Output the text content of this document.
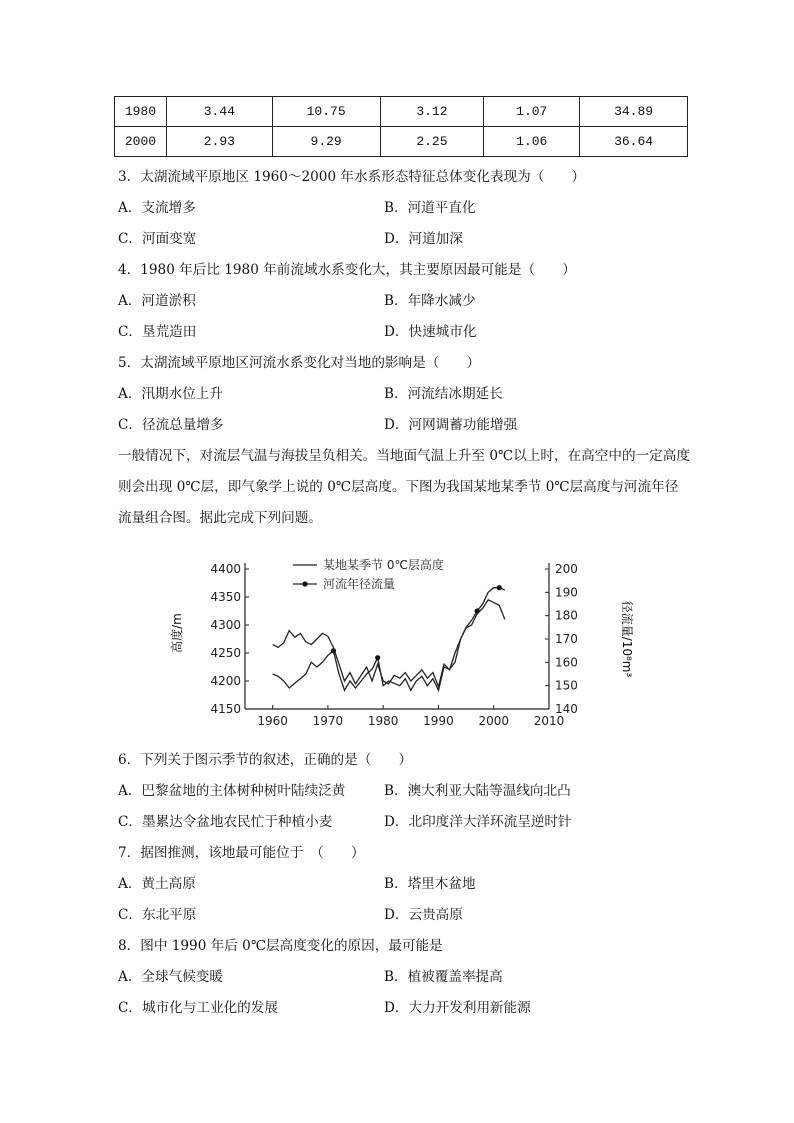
1980	3.44	10.75	3.12	1.07	34.89
2000	2.93	9.29	2.25	1.06	36.64
3．太湖流域平原地区 1960～2000 年水系形态特征总体变化表现为（　　）
A．支流增多	B．河道平直化
C．河面变宽	D．河道加深
4．1980 年后比 1980 年前流域水系变化大，其主要原因最可能是（　　）
A．河道淤积	B．年降水减少
C．垦荒造田	D．快速城市化
5．太湖流域平原地区河流水系变化对当地的影响是（　　）
A．汛期水位上升	B．河流结冰期延长
C．径流总量增多	D．河网调蓄功能增强
一般情况下，对流层气温与海拔呈负相关。当地面气温上升至 0℃以上时，在高空中的一定高度则会出现 0℃层，即气象学上说的 0℃层高度。下图为我国某地某季节 0℃层高度与河流年径流量组合图。据此完成下列问题。
4400
4350
4300
4250
4200
4150
200
190
180
170
160
150
140
1960 1970 1980 1990 2000 2010
某地某季节 0℃层高度
河流年径流量
高度/m	径流量/10⁸m³
6．下列关于图示季节的叙述，正确的是（　　）
A．巴黎盆地的主体树种树叶陆续泛黄	B．澳大利亚大陆等温线向北凸
C．墨累达令盆地农民忙于种植小麦	D．北印度洋大洋环流呈逆时针
7．据图推测，该地最可能位于　（　　）
A．黄土高原	B．塔里木盆地
C．东北平原	D．云贵高原
8．图中 1990 年后 0℃层高度变化的原因，最可能是
A．全球气候变暖	B．植被覆盖率提高
C．城市化与工业化的发展	D．大力开发利用新能源
